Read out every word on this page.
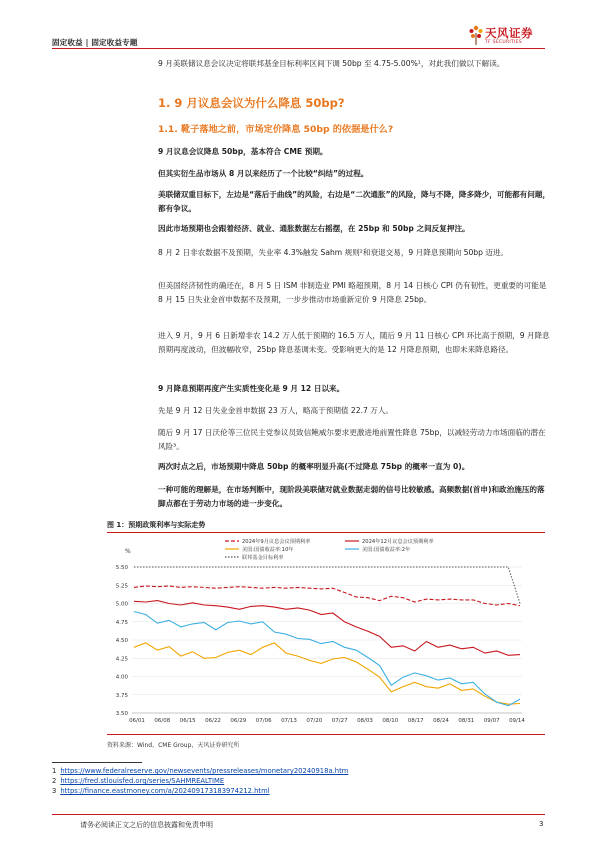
固定收益 | 固定收益专题
天风证券
TF SECURITIES
9 月美联储议息会议决定将联邦基金目标利率区间下调 50bp 至 4.75-5.00%¹，对此我们做以下解读。
1. 9 月议息会议为什么降息 50bp?
1.1. 靴子落地之前，市场定价降息 50bp 的依据是什么?
9 月议息会议降息 50bp，基本符合 CME 预期。
但其实衍生品市场从 8 月以来经历了一个比较“纠结”的过程。
美联储双重目标下，左边是“落后于曲线”的风险，右边是“二次通胀”的风险，降与不降，降多降少，可能都有问题，都有争议。
因此市场预期也会跟着经济、就业、通胀数据左右摇摆，在 25bp 和 50bp 之间反复押注。
8 月 2 日非农数据不及预期，失业率 4.3%触发 Sahm 规则²和衰退交易，9 月降息预期向 50bp 迈进。
但美国经济韧性的确还在，8 月 5 日 ISM 非制造业 PMI 略超预期，8 月 14 日核心 CPI 仍有韧性，更重要的可能是 8 月 15 日失业金首申数据不及预期，一步步推动市场重新定价 9 月降息 25bp。
进入 9 月，9 月 6 日新增非农 14.2 万人低于预期的 16.5 万人，随后 9 月 11 日核心 CPI 环比高于预期，9 月降息预期再度波动，但波幅收窄，25bp 降息基调未变。受影响更大的是 12 月降息预期，也即未来降息路径。
9 月降息预期再度产生实质性变化是 9 月 12 日以来。
先是 9 月 12 日失业金首申数据 23 万人，略高于预期值 22.7 万人。
随后 9 月 17 日沃伦等三位民主党参议员致信鲍威尔要求更激进地前置性降息 75bp，以减轻劳动力市场面临的潜在风险³。
两次时点之后，市场预期中降息 50bp 的概率明显升高(不过降息 75bp 的概率一直为 0)。
一种可能的理解是，在市场判断中，现阶段美联储对就业数据走弱的信号比较敏感。高频数据(首申)和政治施压的落脚点都在于劳动力市场的进一步变化。
图 1：预期政策利率与实际走势
%
3.50
3.75
4.00
4.25
4.50
4.75
5.00
5.25
5.50
06/01 06/08 06/15 06/22 06/29 07/06 07/13 07/20 07/27 08/03 08/10 08/17 08/24 08/31 09/07 09/14
2024年9月议息会议预期利率	2024年12月议息会议预期利率
美国:国债收益率:10年	美国:国债收益率:2年
联邦基金目标利率
资料来源：Wind，CME Group，天风证券研究所
1 https://www.federalreserve.gov/newsevents/pressreleases/monetary20240918a.htm
2 https://fred.stlouisfed.org/series/SAHMREALTIME
3 https://finance.eastmoney.com/a/202409173183974212.html
请务必阅读正文之后的信息披露和免责申明	3
